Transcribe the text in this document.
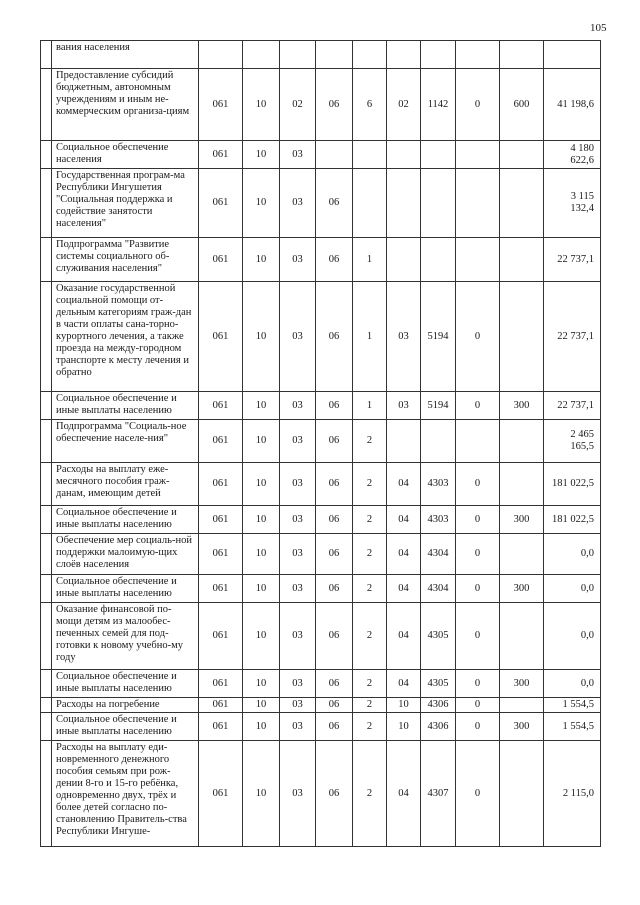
105
	вания населения										
	Предоставление субсидий бюджетным, автономным учреждениям и иным не-коммерческим организа-циям	061	10	02	06	6	02	1142	0	600	41 198,6
	Социальное обеспечение населения	061	10	03							4 180 622,6
	Государственная програм-ма Республики Ингушетия "Социальная поддержка и содействие занятости населения"	061	10	03	06						3 115 132,4
	Подпрограмма "Развитие системы социального об-служивания населения"	061	10	03	06	1					22 737,1
	Оказание государственной социальной помощи от-дельным категориям граж-дан в части оплаты сана-торно-курортного лечения, а также проезда на между-городном транспорте к месту лечения и обратно	061	10	03	06	1	03	5194	0		22 737,1
	Социальное обеспечение и иные выплаты населению	061	10	03	06	1	03	5194	0	300	22 737,1
	Подпрограмма "Социаль-ное обеспечение населе-ния"	061	10	03	06	2					2 465 165,5
	Расходы на выплату еже-месячного пособия граж-данам, имеющим детей	061	10	03	06	2	04	4303	0		181 022,5
	Социальное обеспечение и иные выплаты населению	061	10	03	06	2	04	4303	0	300	181 022,5
	Обеспечение мер социаль-ной поддержки малоимую-щих слоёв населения	061	10	03	06	2	04	4304	0		0,0
	Социальное обеспечение и иные выплаты населению	061	10	03	06	2	04	4304	0	300	0,0
	Оказание финансовой по-мощи детям из малообес-печенных семей для под-готовки к новому учебно-му году	061	10	03	06	2	04	4305	0		0,0
	Социальное обеспечение и иные выплаты населению	061	10	03	06	2	04	4305	0	300	0,0
	Расходы на погребение	061	10	03	06	2	10	4306	0		1 554,5
	Социальное обеспечение и иные выплаты населению	061	10	03	06	2	10	4306	0	300	1 554,5
	Расходы на выплату еди-новременного денежного пособия семьям при рож-дении 8-го и 15-го ребёнка, одновременно двух, трёх и более детей согласно по-становлению Правитель-ства Республики Ингуше-	061	10	03	06	2	04	4307	0		2 115,0
